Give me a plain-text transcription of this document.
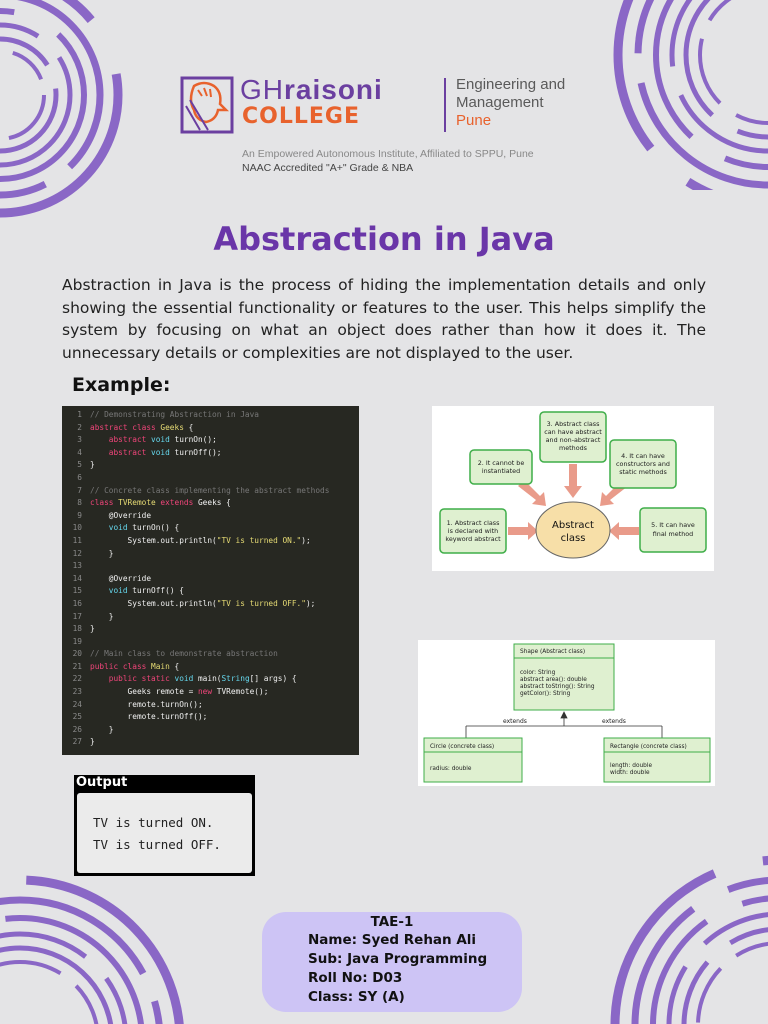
GHraisoni
COLLEGE
Engineering and
Management
Pune
An Empowered Autonomous Institute, Affiliated to SPPU, Pune
NAAC Accredited "A+" Grade & NBA
Abstraction in Java
Abstraction in Java is the process of hiding the implementation details and only showing the essential functionality or features to the user. This helps simplify the system by focusing on what an object does rather than how it does it. The unnecessary details or complexities are not displayed to the user.
Example:
1 // Demonstrating Abstraction in Java
2 abstract class Geeks {
3	abstract void turnOn();
4	abstract void turnOff();
5 }
6
7 // Concrete class implementing the abstract methods
8 class TVRemote extends Geeks {
9    @Override
10	void turnOn() {
11        System.out.println("TV is turned ON.");
12    }
13
14    @Override
15	void turnOff() {
16        System.out.println("TV is turned OFF.");
17    }
18 }
19
20 // Main class to demonstrate abstraction
21 public class Main {
22	public static void main(String[] args) {
23        Geeks remote = new TVRemote();
24        remote.turnOn();
25        remote.turnOff();
26    }
27 }
Output
TV is turned ON.
TV is turned OFF.
Abstract
class
1. Abstract class
is declared with
keyword abstract
2. It cannot be
instantiated
3. Abstract class
can have abstract
and non-abstract
methods
4. It can have
constructors and
static methods
5. It can have
final method
Shape (Abstract class)
color: String
abstract area(): double
abstract toString(): String
getColor(): String
extends	extends
Circle (concrete class)
radius: double
Rectangle (concrete class)
length: double
width: double
TAE-1
Name: Syed Rehan Ali
Sub: Java Programming
Roll No: D03
Class: SY (A)
